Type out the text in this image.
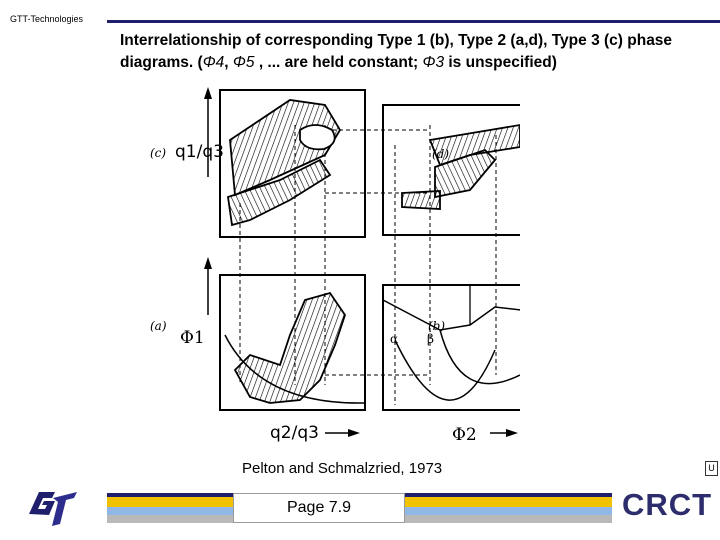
GTT-Technologies
Interrelationship of corresponding Type 1 (b), Type 2 (a,d), Type 3 (c) phase diagrams. (Φ4, Φ5 , ... are held constant; Φ3 is unspecified)
α β
(c)	(d)
(a)	(b)
q1/q3
Φ1
q2/q3	Φ2
Pelton and Schmalzried, 1973	U
Page 7.9	CRCT
